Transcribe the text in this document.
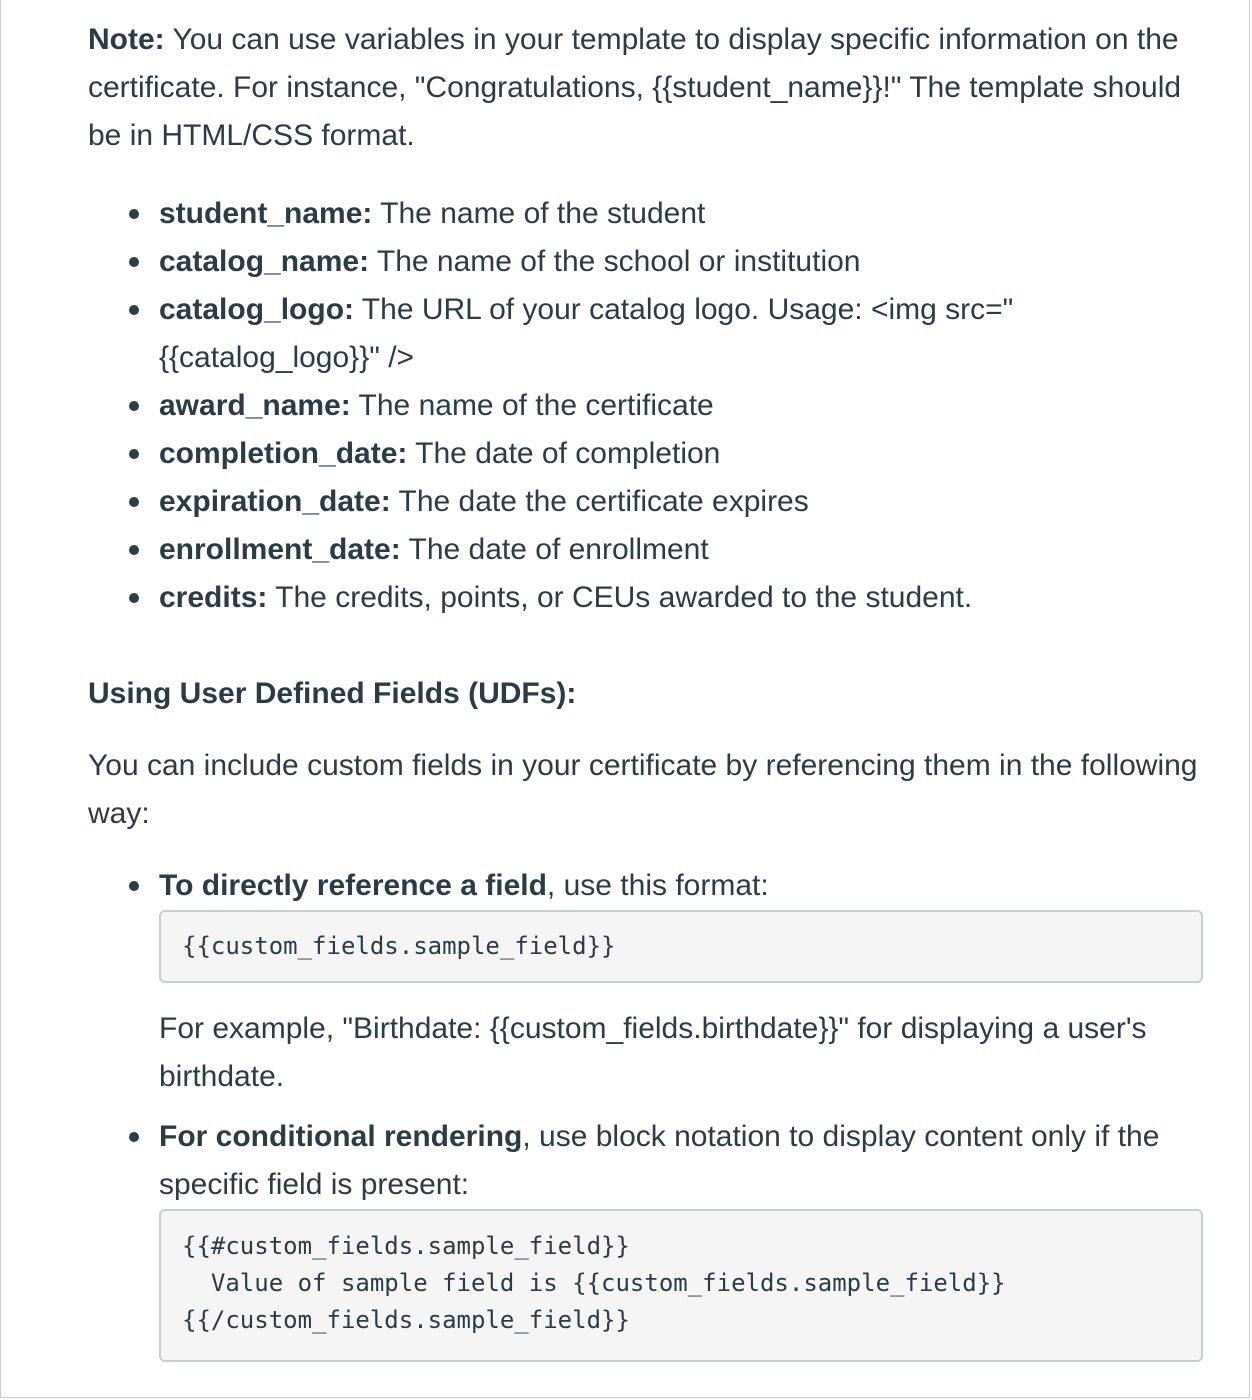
Note: You can use variables in your template to display specific information on the certificate. For instance, "Congratulations, {{student_name}}!" The template should be in HTML/CSS format.

student_name: The name of the student
catalog_name: The name of the school or institution
catalog_logo: The URL of your catalog logo. Usage: <img src=" {{catalog_logo}}" />
award_name: The name of the certificate
completion_date: The date of completion
expiration_date: The date the certificate expires
enrollment_date: The date of enrollment
credits: The credits, points, or CEUs awarded to the student.
Using User Defined Fields (UDFs):

You can include custom fields in your certificate by referencing them in the following way:

To directly reference a field, use this format:

{{custom_fields.sample_field}}

For example, "Birthdate: {{custom_fields.birthdate}}" for displaying a user's birthdate.

For conditional rendering, use block notation to display content only if the specific field is present:

{{#custom_fields.sample_field}}
Value of sample field is {{custom_fields.sample_field}}
{{/custom_fields.sample_field}}
